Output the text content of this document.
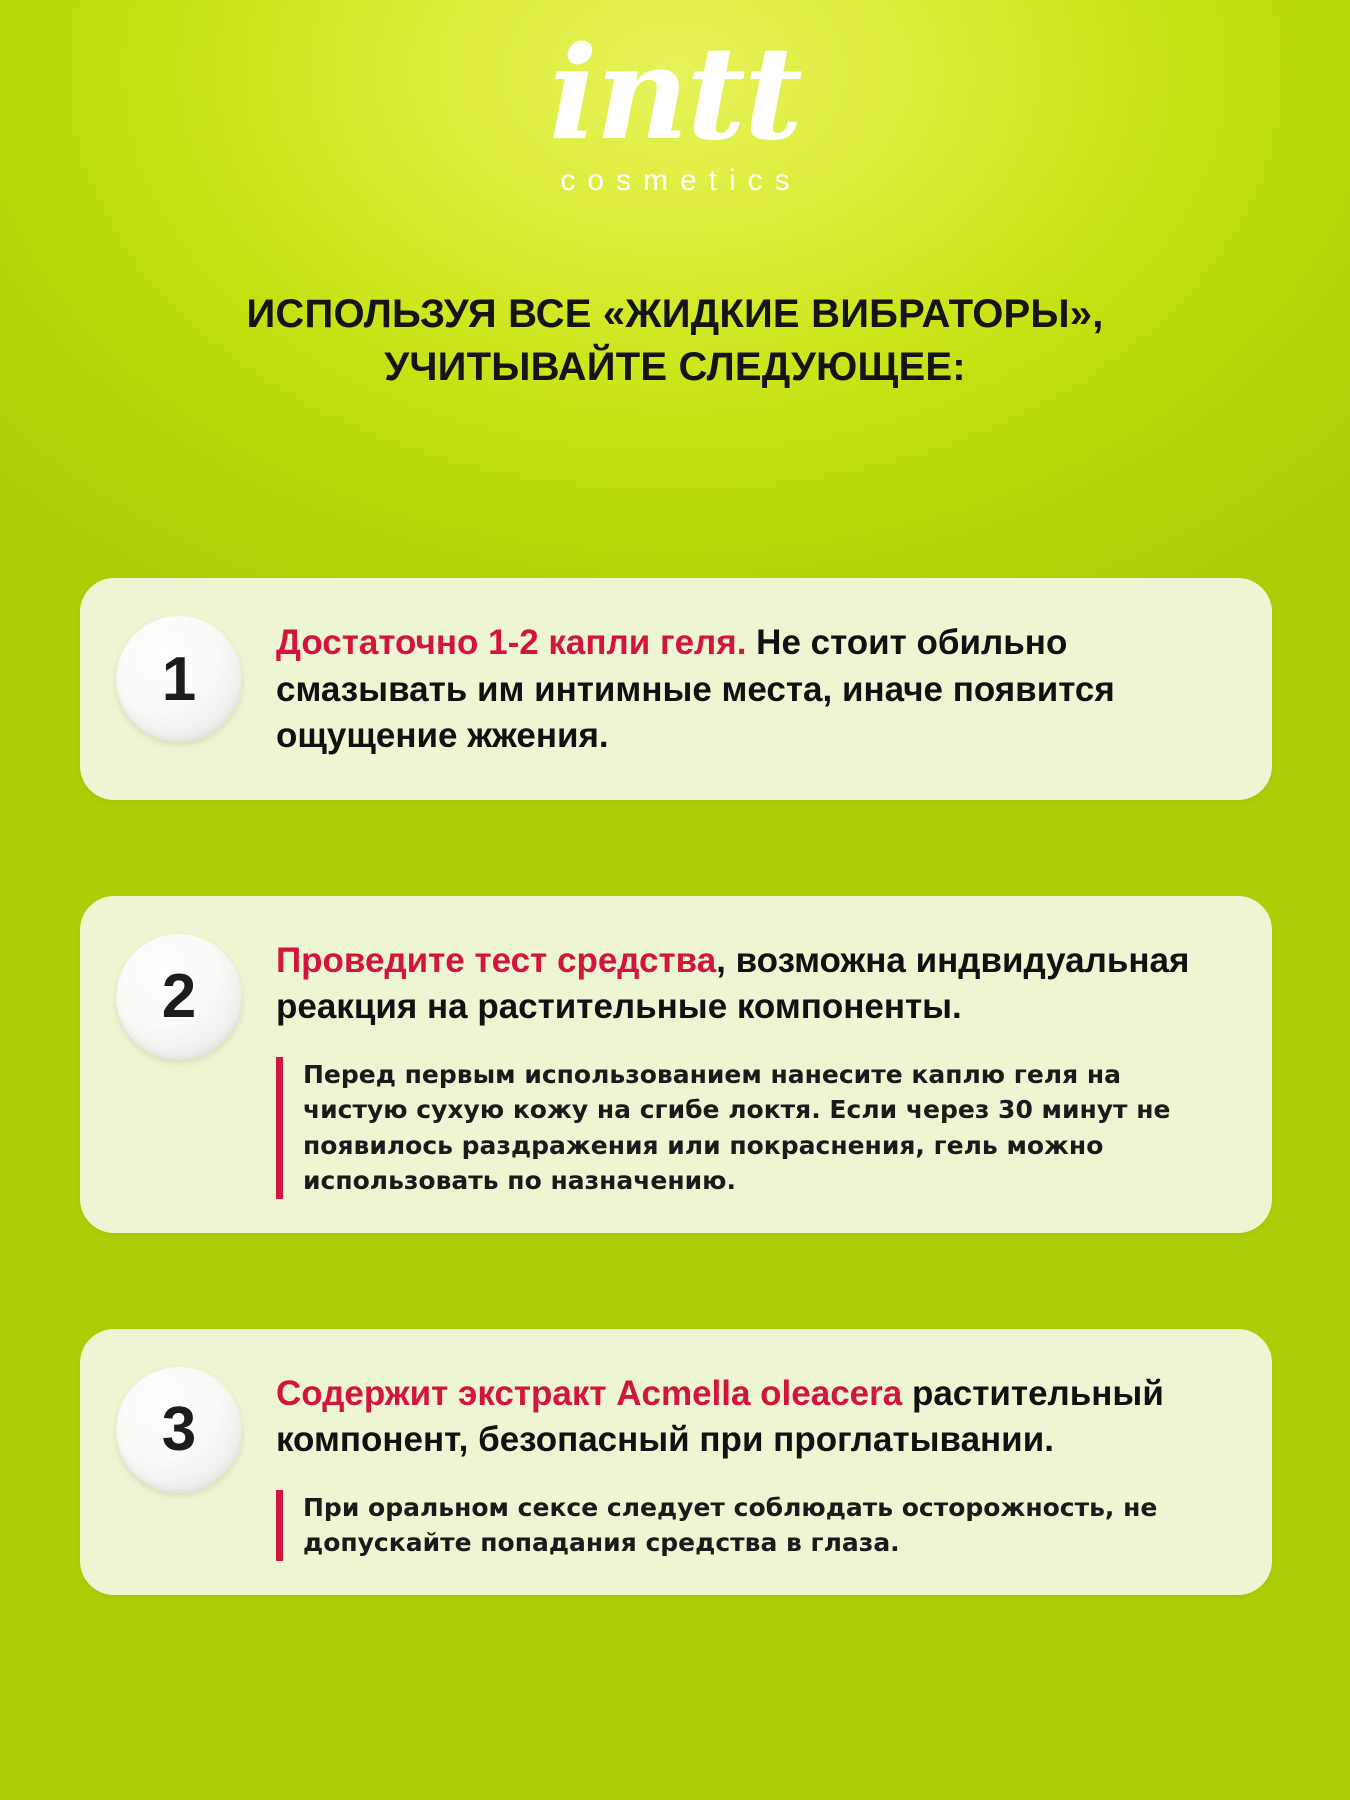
intt
cosmetics
ИСПОЛЬЗУЯ ВСЕ «ЖИДКИЕ ВИБРАТОРЫ»,
УЧИТЫВАЙТЕ СЛЕДУЮЩЕЕ:
1
Достаточно 1-2 капли геля. Не стоит обильно смазывать им интимные места, иначе появится ощущение жжения.
2
Проведите тест средства, возможна индвидуальная реакция на растительные компоненты.
Перед первым использованием нанесите каплю геля на чистую сухую кожу на сгибе локтя. Если через 30 минут не появилось раздражения или покраснения, гель можно использовать по назначению.
3
Содержит экстракт Acmella oleacera растительный компонент, безопасный при проглатывании.
При оральном сексе следует соблюдать осторожность, не допускайте попадания средства в глаза.
